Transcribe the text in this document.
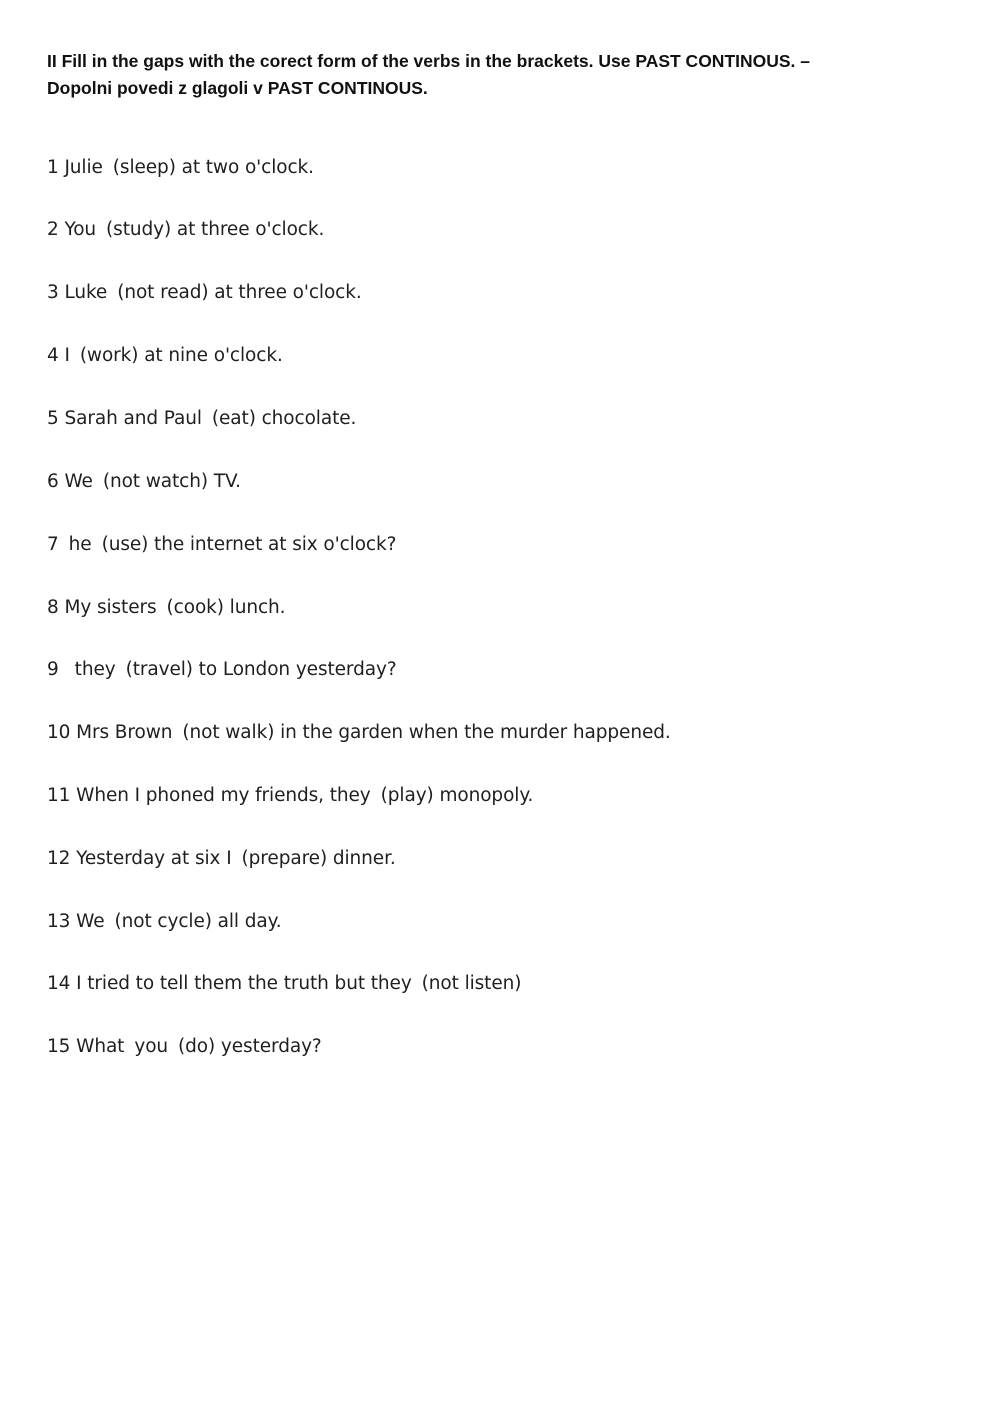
II Fill in the gaps with the corect form of the verbs in the brackets. Use PAST CONTINOUS. –
Dopolni povedi z glagoli v PAST CONTINOUS.
1 Julie (sleep) at two o'clock.
2 You (study) at three o'clock.
3 Luke (not read) at three o'clock.
4 I (work) at nine o'clock.
5 Sarah and Paul (eat) chocolate.
6 We (not watch) TV.
7 he (use) the internet at six o'clock?
8 My sisters (cook) lunch.
9 they (travel) to London yesterday?
10 Mrs Brown (not walk) in the garden when the murder happened.
11 When I phoned my friends, they (play) monopoly.
12 Yesterday at six I (prepare) dinner.
13 We (not cycle) all day.
14 I tried to tell them the truth but they (not listen)
15 What you (do) yesterday?
